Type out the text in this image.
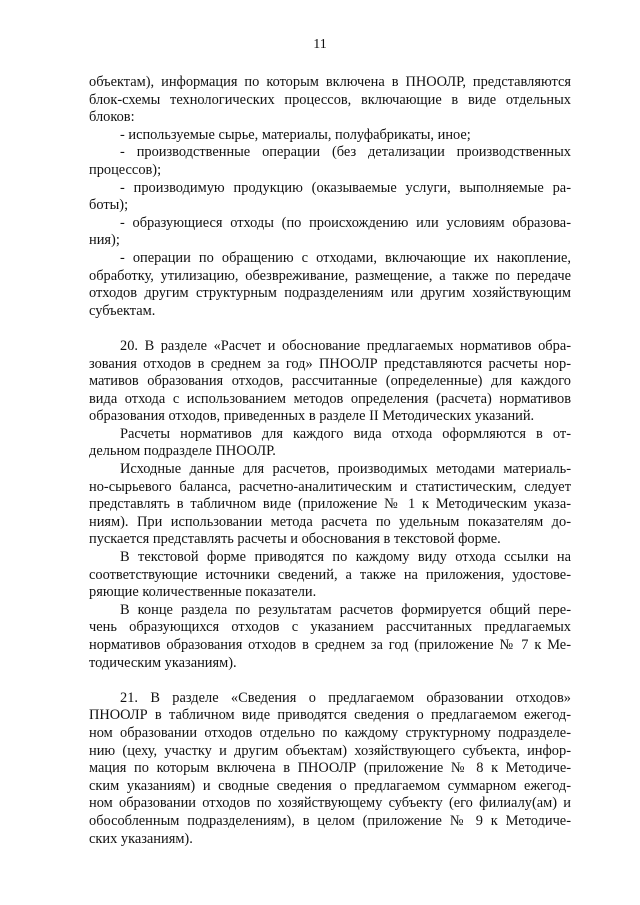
11
объектам), информация по которым включена в ПНООЛР, представляются
блок-схемы технологических процессов, включающие в виде отдельных
блоков:
- используемые сырье, материалы, полуфабрикаты, иное;
- производственные операции (без детализации производственных
процессов);
- производимую продукцию (оказываемые услуги, выполняемые ра-
боты);
- образующиеся отходы (по происхождению или условиям образова-
ния);
- операции по обращению с отходами, включающие их накопление,
обработку, утилизацию, обезвреживание, размещение, а также по передаче
отходов другим структурным подразделениям или другим хозяйствующим
субъектам.
20. В разделе «Расчет и обоснование предлагаемых нормативов обра-
зования отходов в среднем за год» ПНООЛР представляются расчеты нор-
мативов образования отходов, рассчитанные (определенные) для каждого
вида отхода с использованием методов определения (расчета) нормативов
образования отходов, приведенных в разделе II Методических указаний.
Расчеты нормативов для каждого вида отхода оформляются в от-
дельном подразделе ПНООЛР.
Исходные данные для расчетов, производимых методами материаль-
но-сырьевого баланса, расчетно-аналитическим и статистическим, следует
представлять в табличном виде (приложение № 1 к Методическим указа-
ниям). При использовании метода расчета по удельным показателям до-
пускается представлять расчеты и обоснования в текстовой форме.
В текстовой форме приводятся по каждому виду отхода ссылки на
соответствующие источники сведений, а также на приложения, удостове-
ряющие количественные показатели.
В конце раздела по результатам расчетов формируется общий пере-
чень образующихся отходов с указанием рассчитанных предлагаемых
нормативов образования отходов в среднем за год (приложение № 7 к Ме-
тодическим указаниям).
21. В разделе «Сведения о предлагаемом образовании отходов»
ПНООЛР в табличном виде приводятся сведения о предлагаемом ежегод-
ном образовании отходов отдельно по каждому структурному подразделе-
нию (цеху, участку и другим объектам) хозяйствующего субъекта, инфор-
мация по которым включена в ПНООЛР (приложение № 8 к Методиче-
ским указаниям) и сводные сведения о предлагаемом суммарном ежегод-
ном образовании отходов по хозяйствующему субъекту (его филиалу(ам) и
обособленным подразделениям), в целом (приложение № 9 к Методиче-
ских указаниям).
